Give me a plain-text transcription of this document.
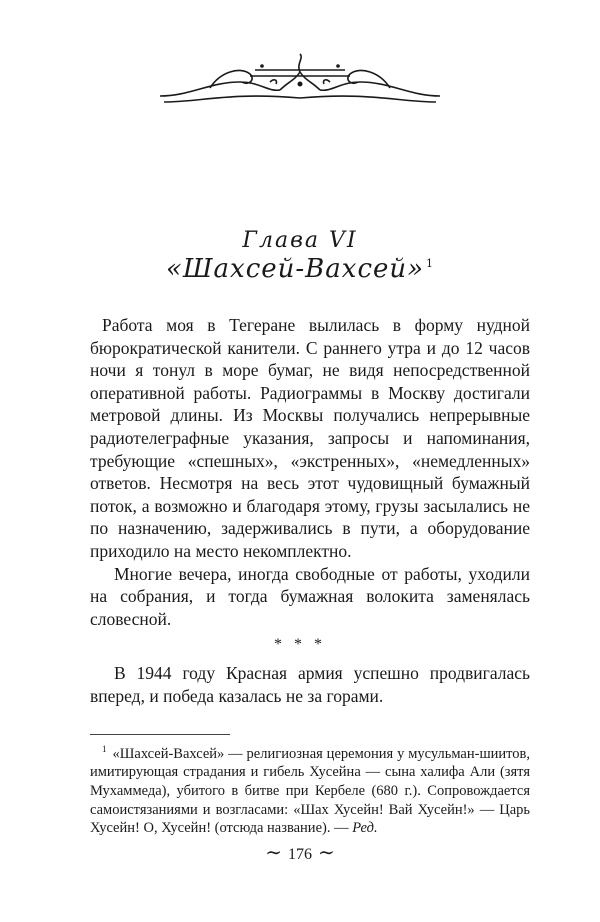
Глава VI
«Шахсей-Вахсей» $^1$

Работа моя в Тегеране вылилась в форму нудной бюрократической канители. С раннего утра и до 12 часов ночи я тонул в море бумаг, не видя непосредственной оперативной работы. Радиограммы в Москву достигали метровой длины. Из Москвы получались непрерывные радиотелеграфные указания, запросы и напоминания, требующие «спешных», «экстренных», «немедленных» ответов. Несмотря на весь этот чудовищный бумажный поток, а возможно и благодаря этому, грузы засылались не по назначению, задерживались в пути, а оборудование приходило на место некомплектно.

Многие вечера, иногда свободные от работы, уходили на собрания, и тогда бумажная волокита заменялась словесной.

* * *

В 1944 году Красная армия успешно продвигалась вперед, и победа казалась не за горами.

$^1$ «Шахсей-Вахсей» — религиозная церемония у мусульман-шиитов, имитирующая страдания и гибель Хусейна — сына халифа Али (зятя Мухаммеда), убитого в битве при Кербеле (680 г.). Сопровождается самоистязаниями и возгласами: «Шах Хусейн! Вай Хусейн!» — Царь Хусейн! О, Хусейн! (отсюда название). — Ред.

∼ 176 ∼
